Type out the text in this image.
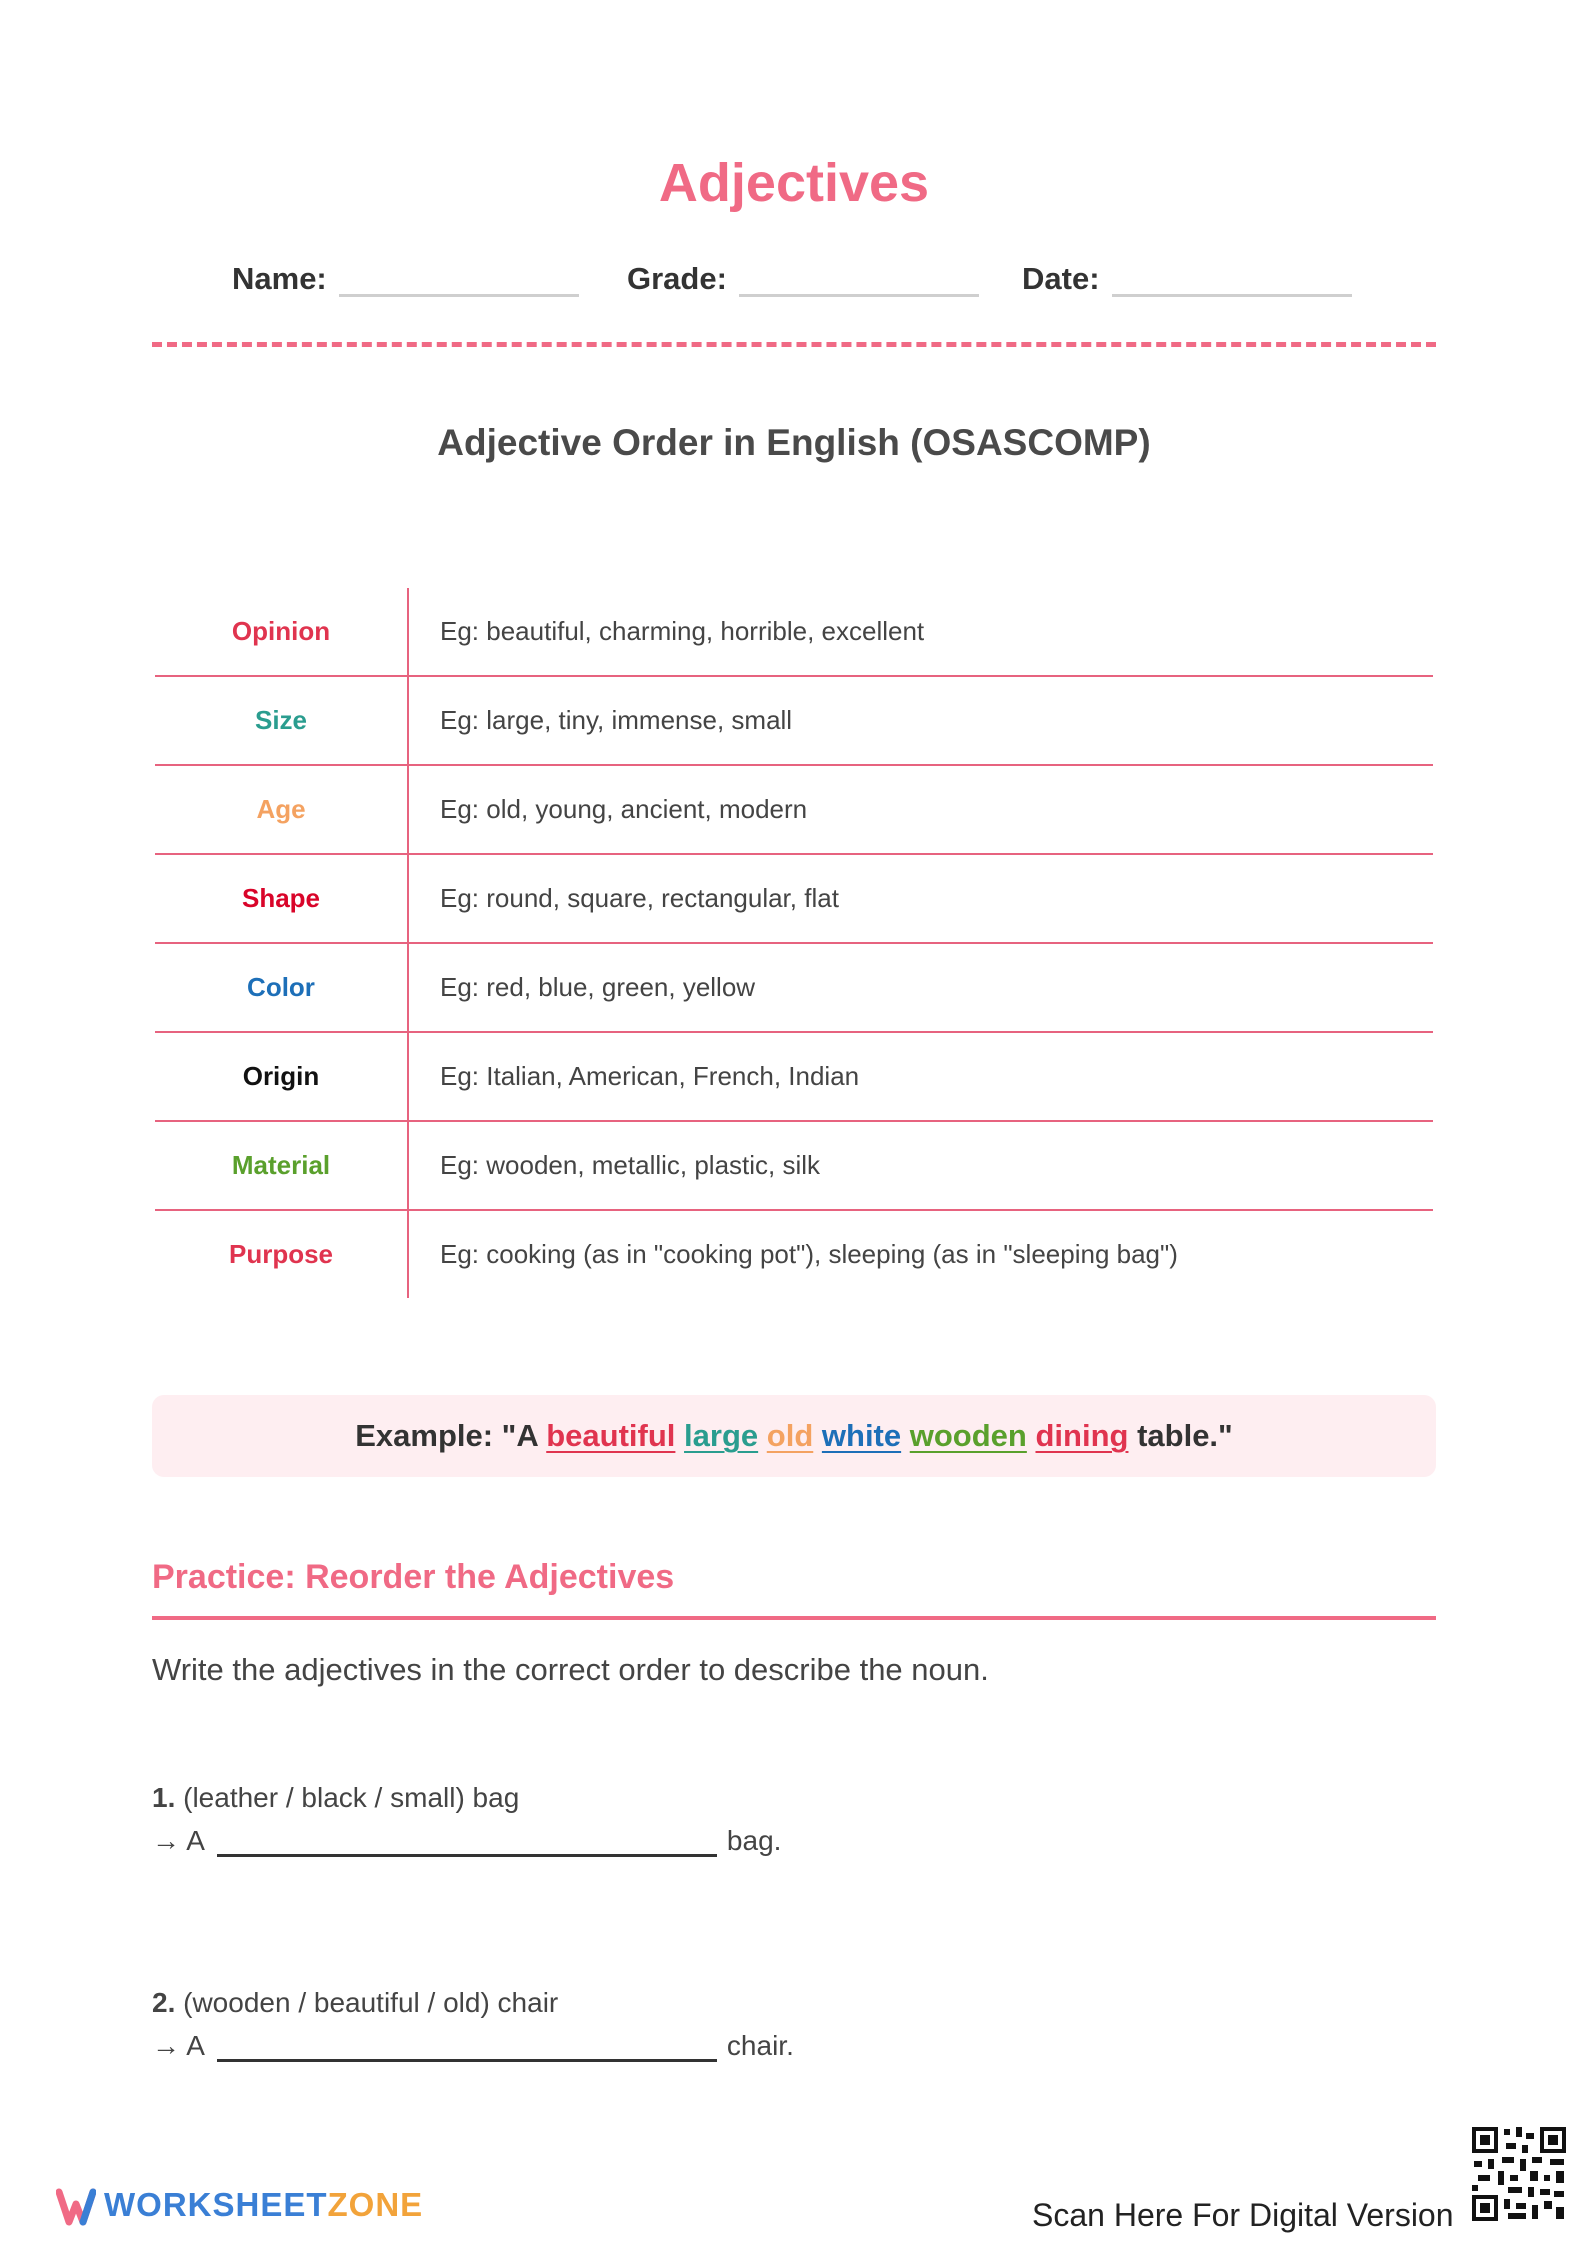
Adjectives
Name:	Grade:	Date:
Adjective Order in English (OSASCOMP)
Opinion	Eg: beautiful, charming, horrible, excellent
Size	Eg: large, tiny, immense, small
Age	Eg: old, young, ancient, modern
Shape	Eg: round, square, rectangular, flat
Color	Eg: red, blue, green, yellow
Origin	Eg: Italian, American, French, Indian
Material	Eg: wooden, metallic, plastic, silk
Purpose	Eg: cooking (as in "cooking pot"), sleeping (as in "sleeping bag")
Example: "A beautiful large old white wooden dining table."
Practice: Reorder the Adjectives
Write the adjectives in the correct order to describe the noun.
1. (leather / black / small) bag
→ A	bag.
2. (wooden / beautiful / old) chair
→ A	chair.
WORKSHEETZONE	Scan Here For Digital Version
